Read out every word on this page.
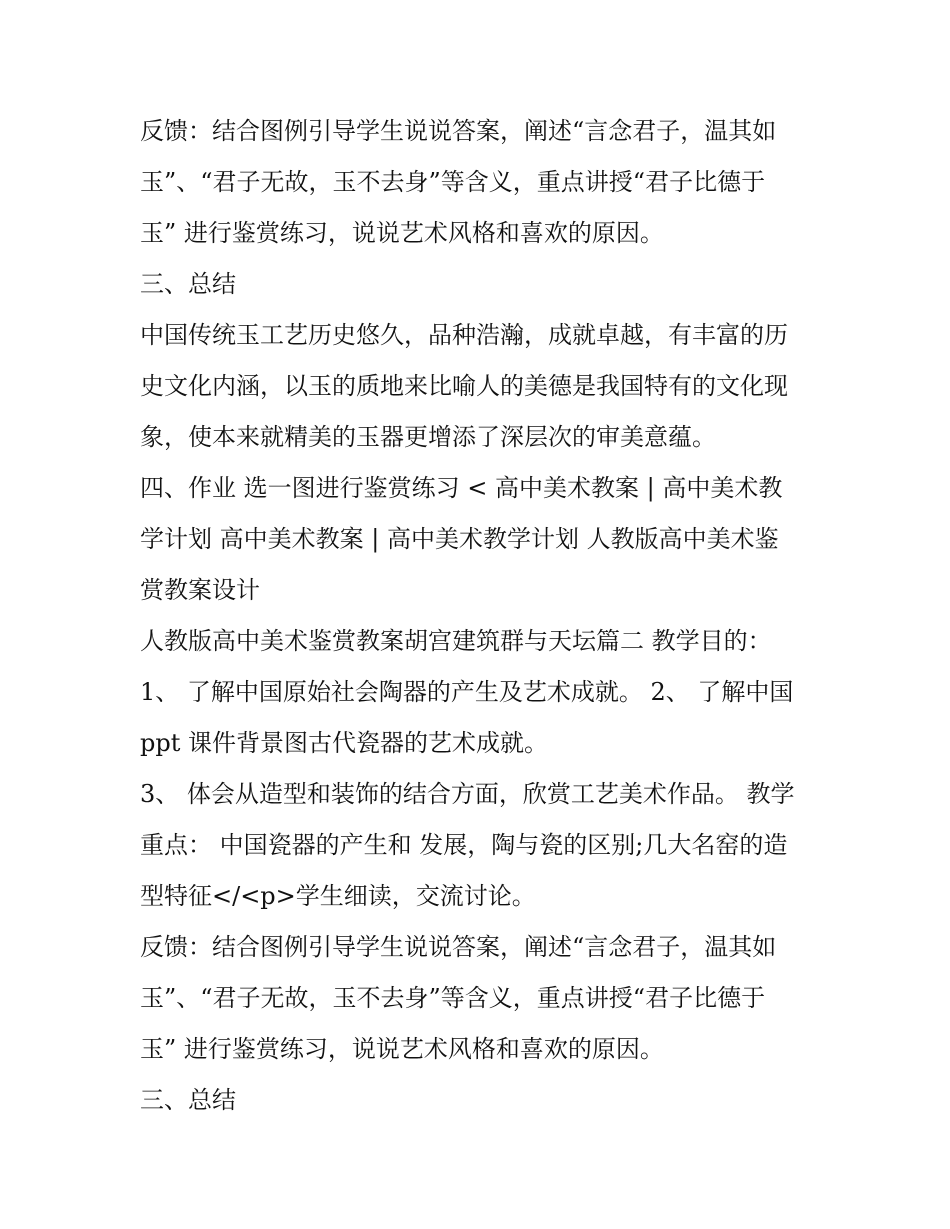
反馈：结合图例引导学生说说答案，阐述“言念君子，温其如
玉”、“君子无故，玉不去身”等含义，重点讲授“君子比德于
玉” 进行鉴赏练习，说说艺术风格和喜欢的原因。
三、总结
中国传统玉工艺历史悠久，品种浩瀚，成就卓越，有丰富的历
史文化内涵，以玉的质地来比喻人的美德是我国特有的文化现
象，使本来就精美的玉器更增添了深层次的审美意蕴。
四、作业 选一图进行鉴赏练习 < 高中美术教案 | 高中美术教
学计划 高中美术教案 | 高中美术教学计划 人教版高中美术鉴
赏教案设计
人教版高中美术鉴赏教案胡宫建筑群与天坛篇二 教学目的：
1、 了解中国原始社会陶器的产生及艺术成就。 2、 了解中国
ppt 课件背景图古代瓷器的艺术成就。
3、 体会从造型和装饰的结合方面，欣赏工艺美术作品。 教学
重点： 中国瓷器的产生和 发展，陶与瓷的区别;几大名窑的造
型特征</<p>学生细读，交流讨论。
反馈：结合图例引导学生说说答案，阐述“言念君子，温其如
玉”、“君子无故，玉不去身”等含义，重点讲授“君子比德于
玉” 进行鉴赏练习，说说艺术风格和喜欢的原因。
三、总结
